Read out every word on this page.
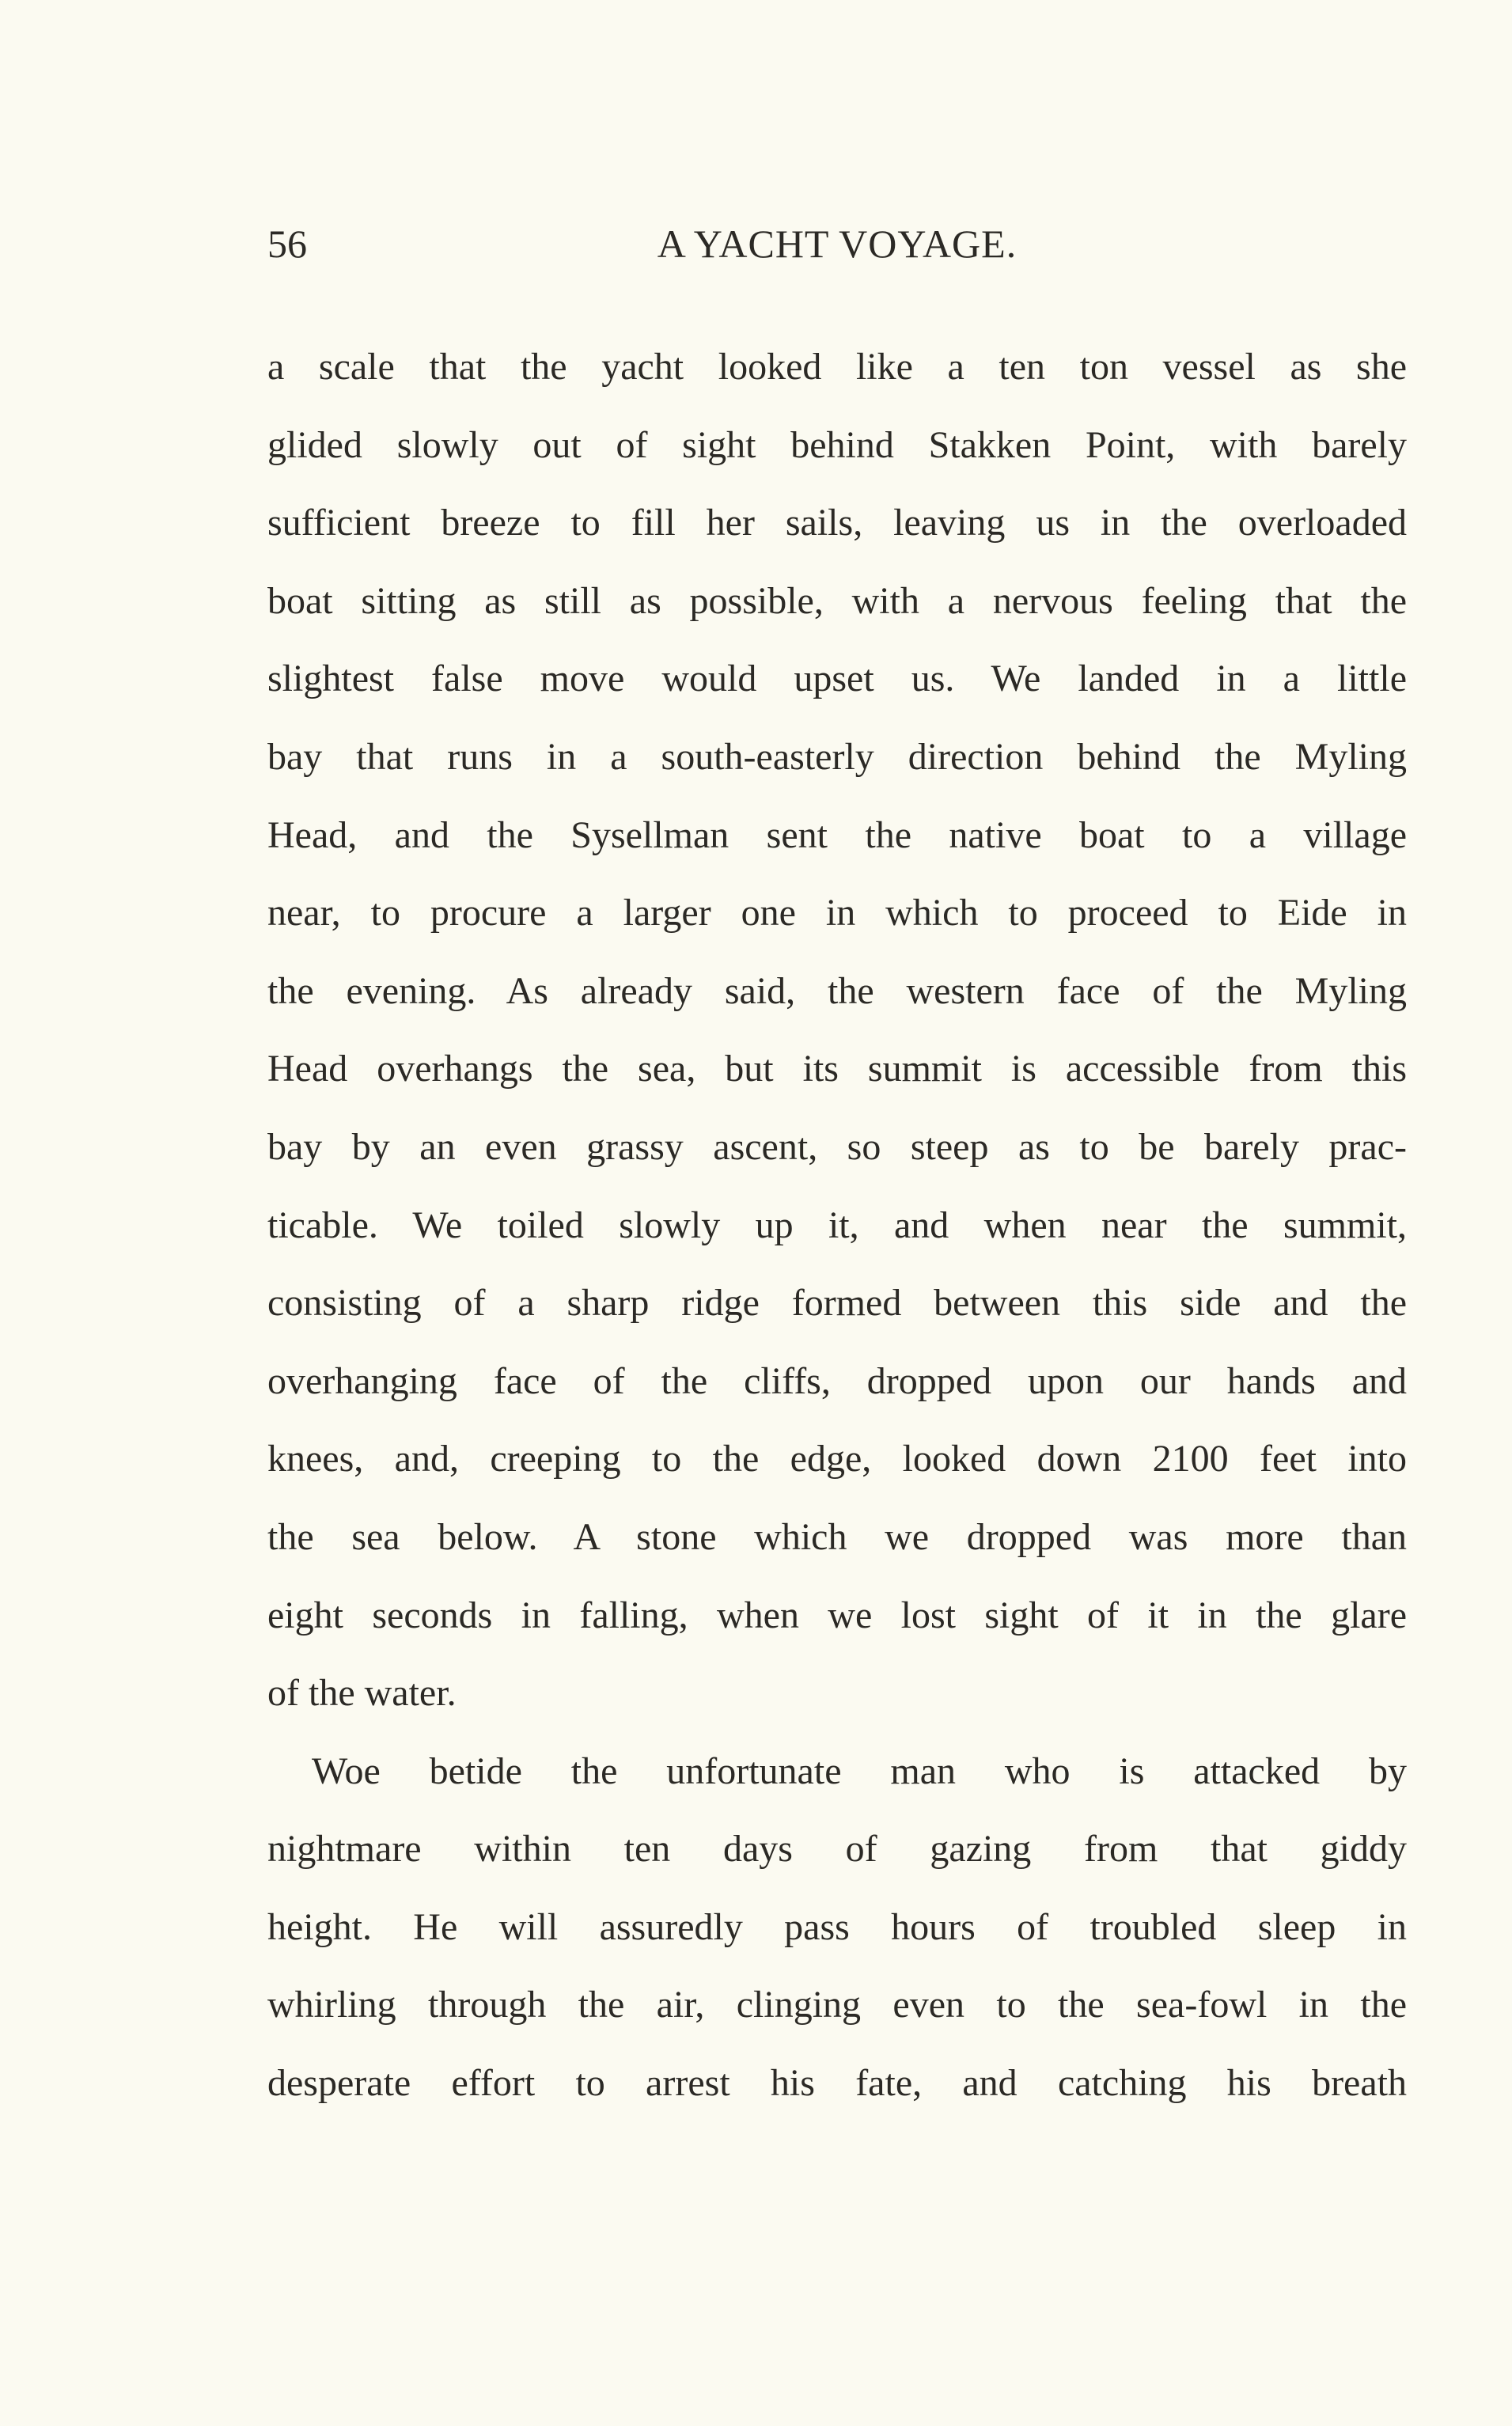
56	A YACHT VOYAGE.
a scale that the yacht looked like a ten ton vessel as she
glided slowly out of sight behind Stakken Point, with barely
sufficient breeze to fill her sails, leaving us in the overloaded
boat sitting as still as possible, with a nervous feeling that the
slightest false move would upset us. We landed in a little
bay that runs in a south-easterly direction behind the Myling
Head, and the Sysellman sent the native boat to a village
near, to procure a larger one in which to proceed to Eide in
the evening. As already said, the western face of the Myling
Head overhangs the sea, but its summit is accessible from this
bay by an even grassy ascent, so steep as to be barely prac-
ticable. We toiled slowly up it, and when near the summit,
consisting of a sharp ridge formed between this side and the
overhanging face of the cliffs, dropped upon our hands and
knees, and, creeping to the edge, looked down 2100 feet into
the sea below. A stone which we dropped was more than
eight seconds in falling, when we lost sight of it in the glare
of the water.
Woe betide the unfortunate man who is attacked by
nightmare within ten days of gazing from that giddy
height. He will assuredly pass hours of troubled sleep in
whirling through the air, clinging even to the sea-fowl in the
desperate effort to arrest his fate, and catching his breath
